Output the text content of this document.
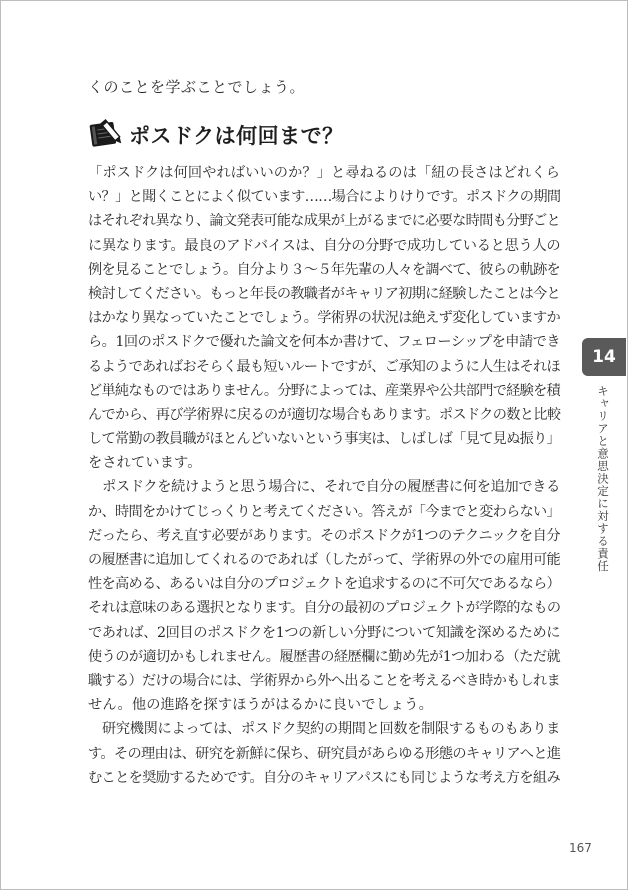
くのことを学ぶことでしょう。
ポスドクは何回まで？
「ポスドクは何回やればいいのか？」と尋ねるのは「紐の長さはどれくら
い？」と聞くことによく似ています……場合によりけりです。ポスドクの期間
はそれぞれ異なり、論文発表可能な成果が上がるまでに必要な時間も分野ごと
に異なります。最良のアドバイスは、自分の分野で成功していると思う人の
例を見ることでしょう。自分より３～５年先輩の人々を調べて、彼らの軌跡を
検討してください。もっと年長の教職者がキャリア初期に経験したことは今と
はかなり異なっていたことでしょう。学術界の状況は絶えず変化していますか
ら。1回のポスドクで優れた論文を何本か書けて、フェローシップを申請でき
るようであればおそらく最も短いルートですが、ご承知のように人生はそれほ
ど単純なものではありません。分野によっては、産業界や公共部門で経験を積
んでから、再び学術界に戻るのが適切な場合もあります。ポスドクの数と比較
して常勤の教員職がほとんどいないという事実は、しばしば「見て見ぬ振り」
をされています。
ポスドクを続けようと思う場合に、それで自分の履歴書に何を追加できる
か、時間をかけてじっくりと考えてください。答えが「今までと変わらない」
だったら、考え直す必要があります。そのポスドクが1つのテクニックを自分
の履歴書に追加してくれるのであれば（したがって、学術界の外での雇用可能
性を高める、あるいは自分のプロジェクトを追求するのに不可欠であるなら）
それは意味のある選択となります。自分の最初のプロジェクトが学際的なもの
であれば、2回目のポスドクを1つの新しい分野について知識を深めるために
使うのが適切かもしれません。履歴書の経歴欄に勤め先が1つ加わる（ただ就
職する）だけの場合には、学術界から外へ出ることを考えるべき時かもしれま
せん。他の進路を探すほうがはるかに良いでしょう。
研究機関によっては、ポスドク契約の期間と回数を制限するものもありま
す。その理由は、研究を新鮮に保ち、研究員があらゆる形態のキャリアへと進
むことを奨励するためです。自分のキャリアパスにも同じような考え方を組み
14
キャリアと意思決定に対する責任
167
